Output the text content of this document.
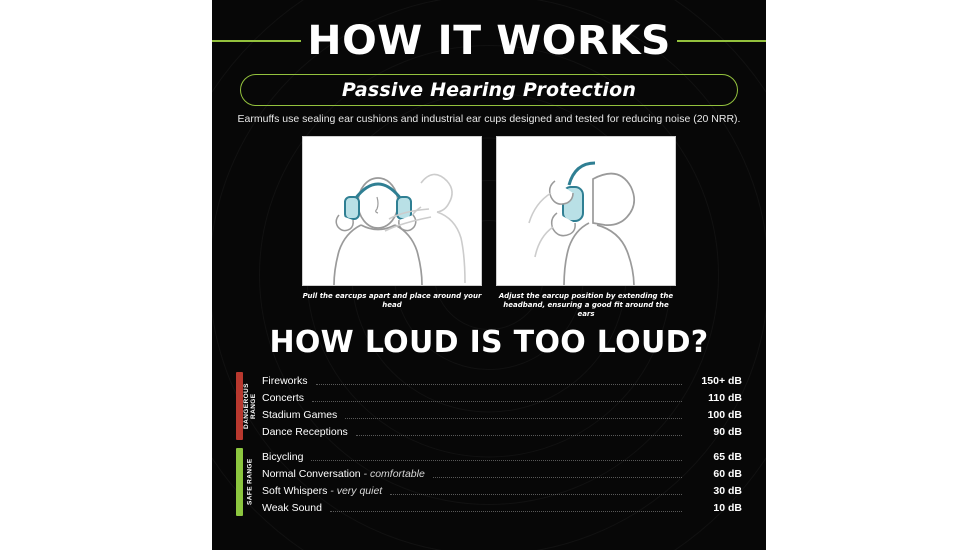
HOW IT WORKS
Passive Hearing Protection
Earmuffs use sealing ear cushions and industrial ear cups designed and tested for reducing noise (20 NRR).
Pull the earcups apart and place around your head
Adjust the earcup position by extending the headband, ensuring a good fit around the ears
HOW LOUD IS TOO LOUD?
DANGEROUS RANGE
Fireworks	150+ dB
Concerts	110 dB
Stadium Games	100 dB
Dance Receptions	90 dB
SAFE RANGE
Bicycling	65 dB
Normal Conversation - comfortable	60 dB
Soft Whispers - very quiet	30 dB
Weak Sound	10 dB
